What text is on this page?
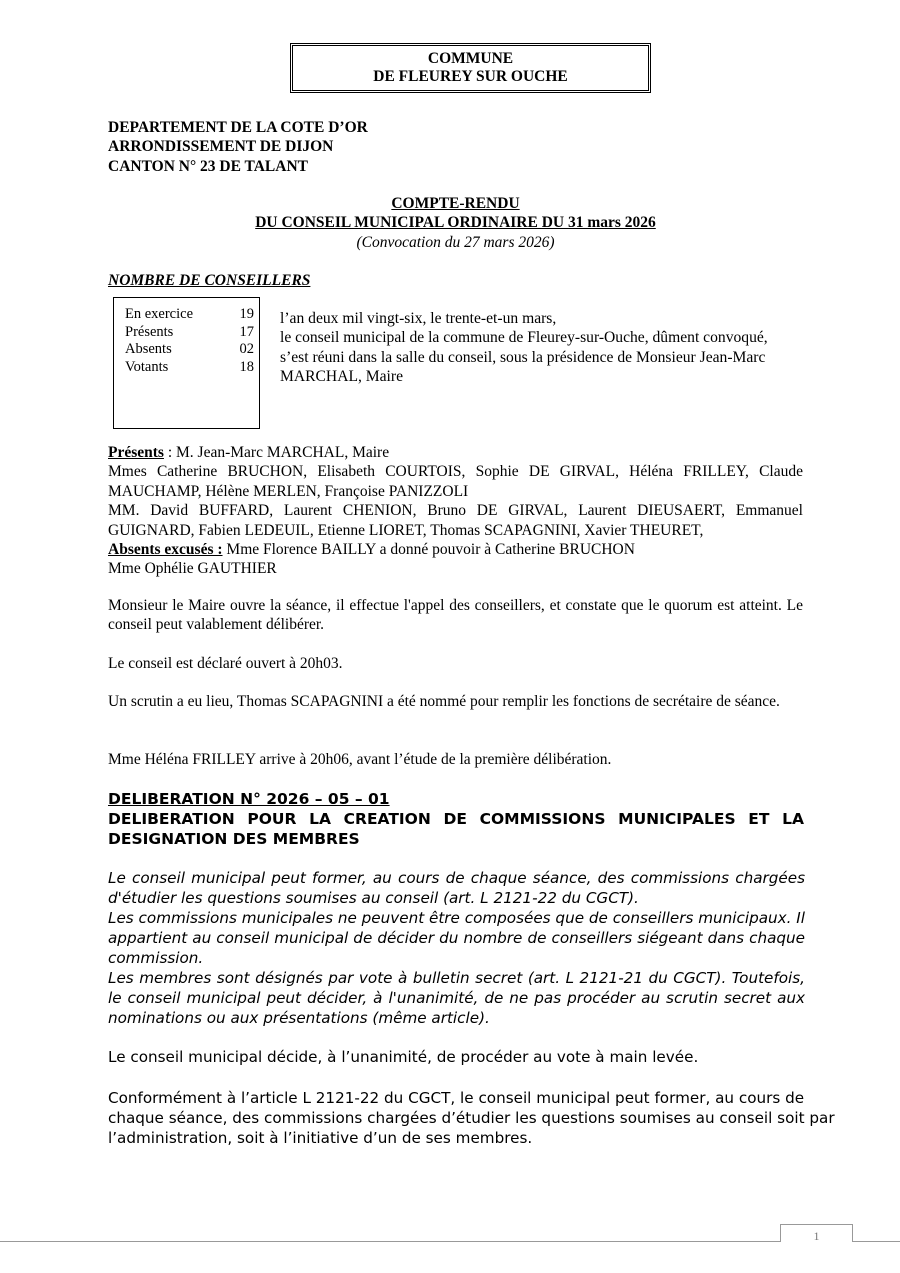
COMMUNE
DE FLEUREY SUR OUCHE
DEPARTEMENT DE LA COTE D’OR
ARRONDISSEMENT DE DIJON
CANTON N° 23 DE TALANT
COMPTE-RENDU
DU CONSEIL MUNICIPAL ORDINAIRE DU 31 mars 2026
(Convocation du 27 mars 2026)
NOMBRE DE CONSEILLERS
En exercice	19
Présents	17
Absents	02
Votants	18
l’an deux mil vingt-six, le trente-et-un mars,
le conseil municipal de la commune de Fleurey-sur-Ouche, dûment convoqué,
s’est réuni dans la salle du conseil, sous la présidence de Monsieur Jean-Marc
MARCHAL, Maire
Présents : M. Jean-Marc MARCHAL, Maire
Mmes Catherine BRUCHON, Elisabeth COURTOIS, Sophie DE GIRVAL, Héléna FRILLEY, Claude MAUCHAMP, Hélène MERLEN, Françoise PANIZZOLI
MM. David BUFFARD, Laurent CHENION, Bruno DE GIRVAL, Laurent DIEUSAERT, Emmanuel GUIGNARD, Fabien LEDEUIL, Etienne LIORET, Thomas SCAPAGNINI, Xavier THEURET,
Absents excusés : Mme Florence BAILLY a donné pouvoir à Catherine BRUCHON
Mme Ophélie GAUTHIER
Monsieur le Maire ouvre la séance, il effectue l'appel des conseillers, et constate que le quorum est atteint. Le conseil peut valablement délibérer.
Le conseil est déclaré ouvert à 20h03.
Un scrutin a eu lieu, Thomas SCAPAGNINI a été nommé pour remplir les fonctions de secrétaire de séance.
Mme Héléna FRILLEY arrive à 20h06, avant l’étude de la première délibération.
DELIBERATION N° 2026 – 05 – 01
DELIBERATION POUR LA CREATION DE COMMISSIONS MUNICIPALES ET LA DESIGNATION DES MEMBRES
Le conseil municipal peut former, au cours de chaque séance, des commissions chargées d'étudier les questions soumises au conseil (art. L 2121-22 du CGCT).
Les commissions municipales ne peuvent être composées que de conseillers municipaux. Il appartient au conseil municipal de décider du nombre de conseillers siégeant dans chaque commission.
Les membres sont désignés par vote à bulletin secret (art. L 2121-21 du CGCT). Toutefois, le conseil municipal peut décider, à l'unanimité, de ne pas procéder au scrutin secret aux nominations ou aux présentations (même article).
Le conseil municipal décide, à l’unanimité, de procéder au vote à main levée.
Conformément à l’article L 2121-22 du CGCT, le conseil municipal peut former, au cours de
chaque séance, des commissions chargées d’étudier les questions soumises au conseil soit par
l’administration, soit à l’initiative d’un de ses membres.
1
